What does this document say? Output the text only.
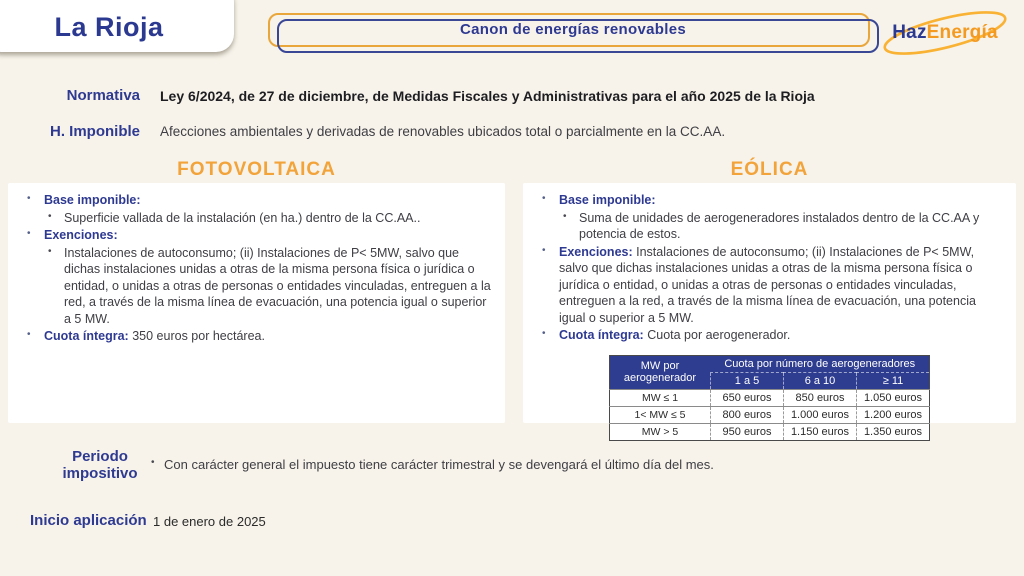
La Rioja	Canon de energías renovables	Haz Energía
Normativa Ley 6/2024, de 27 de diciembre, de Medidas Fiscales y Administrativas para el año 2025 de la Rioja
H. Imponible Afecciones ambientales y derivadas de renovables ubicados total o parcialmente en la CC.AA.
FOTOVOLTAICA	EÓLICA
• Base imponible:
• Superficie vallada de la instalación (en ha.) dentro de la CC.AA..
• Exenciones:
• Instalaciones de autoconsumo; (ii) Instalaciones de P< 5MW, salvo que dichas instalaciones unidas a otras de la misma persona física o jurídica o entidad, o unidas a otras de personas o entidades vinculadas, entreguen a la red, a través de la misma línea de evacuación, una potencia igual o superior a 5 MW.
• Cuota íntegra: 350 euros por hectárea.
• Base imponible:
• Suma de unidades de aerogeneradores instalados dentro de la CC.AA y potencia de estos.
• Exenciones: Instalaciones de autoconsumo; (ii) Instalaciones de P< 5MW, salvo que dichas instalaciones unidas a otras de la misma persona física o jurídica o entidad, o unidas a otras de personas o entidades vinculadas, entreguen a la red, a través de la misma línea de evacuación, una potencia igual o superior a 5 MW.
• Cuota íntegra: Cuota por aerogenerador.
MW por aerogenerador	Cuota por número de aerogeneradores		
	1 a 5	6 a 10	≥ 11
MW ≤ 1	650 euros	850 euros	1.050 euros
1< MW ≤ 5	800 euros	1.000 euros	1.200 euros
MW > 5	950 euros	1.150 euros	1.350 euros
Periodo impositivo
• Con carácter general el impuesto tiene carácter trimestral y se devengará el último día del mes.
Inicio aplicación 1 de enero de 2025
